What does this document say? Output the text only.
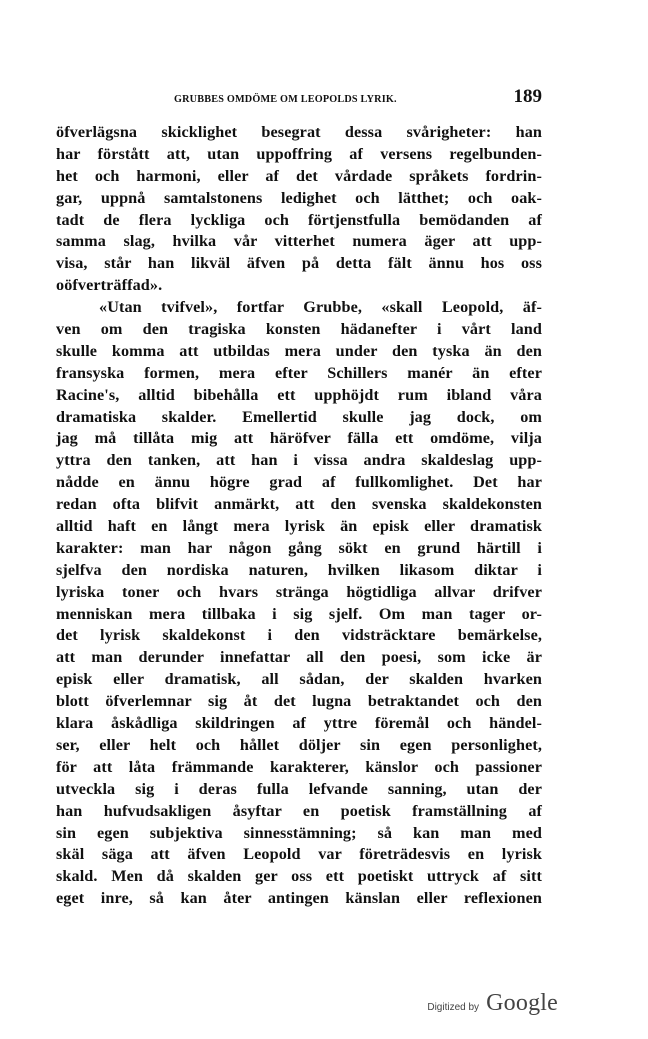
GRUBBES OMDÖME OM LEOPOLDS LYRIK.	189
öfverlägsna skicklighet besegrat dessa svårigheter: han
har förstått att, utan uppoffring af versens regelbunden-
het och harmoni, eller af det vårdade språkets fordrin-
gar, uppnå samtalstonens ledighet och lätthet; och oak-
tadt de flera lyckliga och förtjenstfulla bemödanden af
samma slag, hvilka vår vitterhet numera äger att upp-
visa, står han likväl äfven på detta fält ännu hos oss
oöfverträffad».
«Utan tvifvel», fortfar Grubbe, «skall Leopold, äf-
ven om den tragiska konsten hädanefter i vårt land
skulle komma att utbildas mera under den tyska än den
fransyska formen, mera efter Schillers manér än efter
Racine's, alltid bibehålla ett upphöjdt rum ibland våra
dramatiska skalder. Emellertid skulle jag dock, om
jag må tillåta mig att häröfver fälla ett omdöme, vilja
yttra den tanken, att han i vissa andra skaldeslag upp-
nådde en ännu högre grad af fullkomlighet. Det har
redan ofta blifvit anmärkt, att den svenska skaldekonsten
alltid haft en långt mera lyrisk än episk eller dramatisk
karakter: man har någon gång sökt en grund härtill i
sjelfva den nordiska naturen, hvilken likasom diktar i
lyriska toner och hvars stränga högtidliga allvar drifver
menniskan mera tillbaka i sig sjelf. Om man tager or-
det lyrisk skaldekonst i den vidsträcktare bemärkelse,
att man derunder innefattar all den poesi, som icke är
episk eller dramatisk, all sådan, der skalden hvarken
blott öfverlemnar sig åt det lugna betraktandet och den
klara åskådliga skildringen af yttre föremål och händel-
ser, eller helt och hållet döljer sin egen personlighet,
för att låta främmande karakterer, känslor och passioner
utveckla sig i deras fulla lefvande sanning, utan der
han hufvudsakligen åsyftar en poetisk framställning af
sin egen subjektiva sinnesstämning; så kan man med
skäl säga att äfven Leopold var företrädesvis en lyrisk
skald. Men då skalden ger oss ett poetiskt uttryck af sitt
eget inre, så kan åter antingen känslan eller reflexionen
Digitized by Google
